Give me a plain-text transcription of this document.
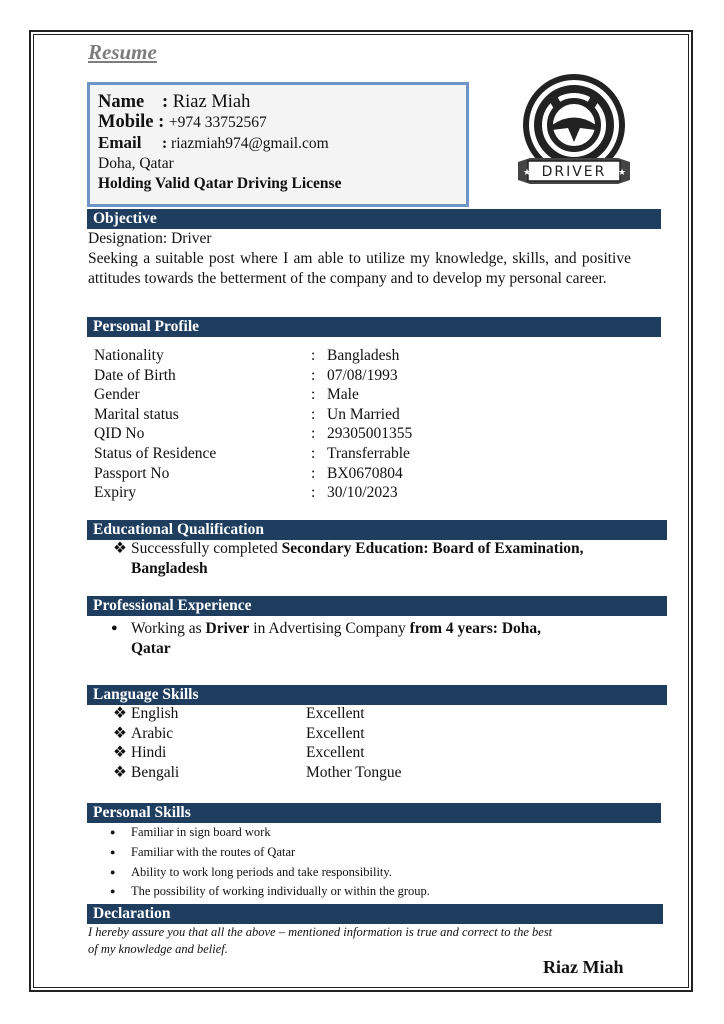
Resume
Name : Riaz Miah
Mobile : +974 33752567
Email : riazmiah974@gmail.com
Doha, Qatar
Holding Valid Qatar Driving License
DRIVER
★	★
Objective
Designation: Driver
Seeking a suitable post where I am able to utilize my knowledge, skills, and positive attitudes towards the betterment of the company and to develop my personal career.
Personal Profile
Educational Qualification
❖ Successfully completed Secondary Education: Board of Examination,
Bangladesh
Professional Experience
● Working as Driver in Advertising Company from 4 years: Doha,
Qatar
Language Skills
Personal Skills
Declaration
I hereby assure you that all the above – mentioned information is true and correct to the best
of my knowledge and belief.
Riaz Miah
Nationality	: Bangladesh
Date of Birth	: 07/08/1993
Gender	: Male
Marital status	: Un Married
QID No	: 29305001355
Status of Residence	: Transferrable
Passport No	: BX0670804
Expiry	: 30/10/2023
❖ English	Excellent
❖ Arabic	Excellent
❖ Hindi	Excellent
❖ Bengali	Mother Tongue
● Familiar in sign board work
● Familiar with the routes of Qatar
● Ability to work long periods and take responsibility.
● The possibility of working individually or within the group.
